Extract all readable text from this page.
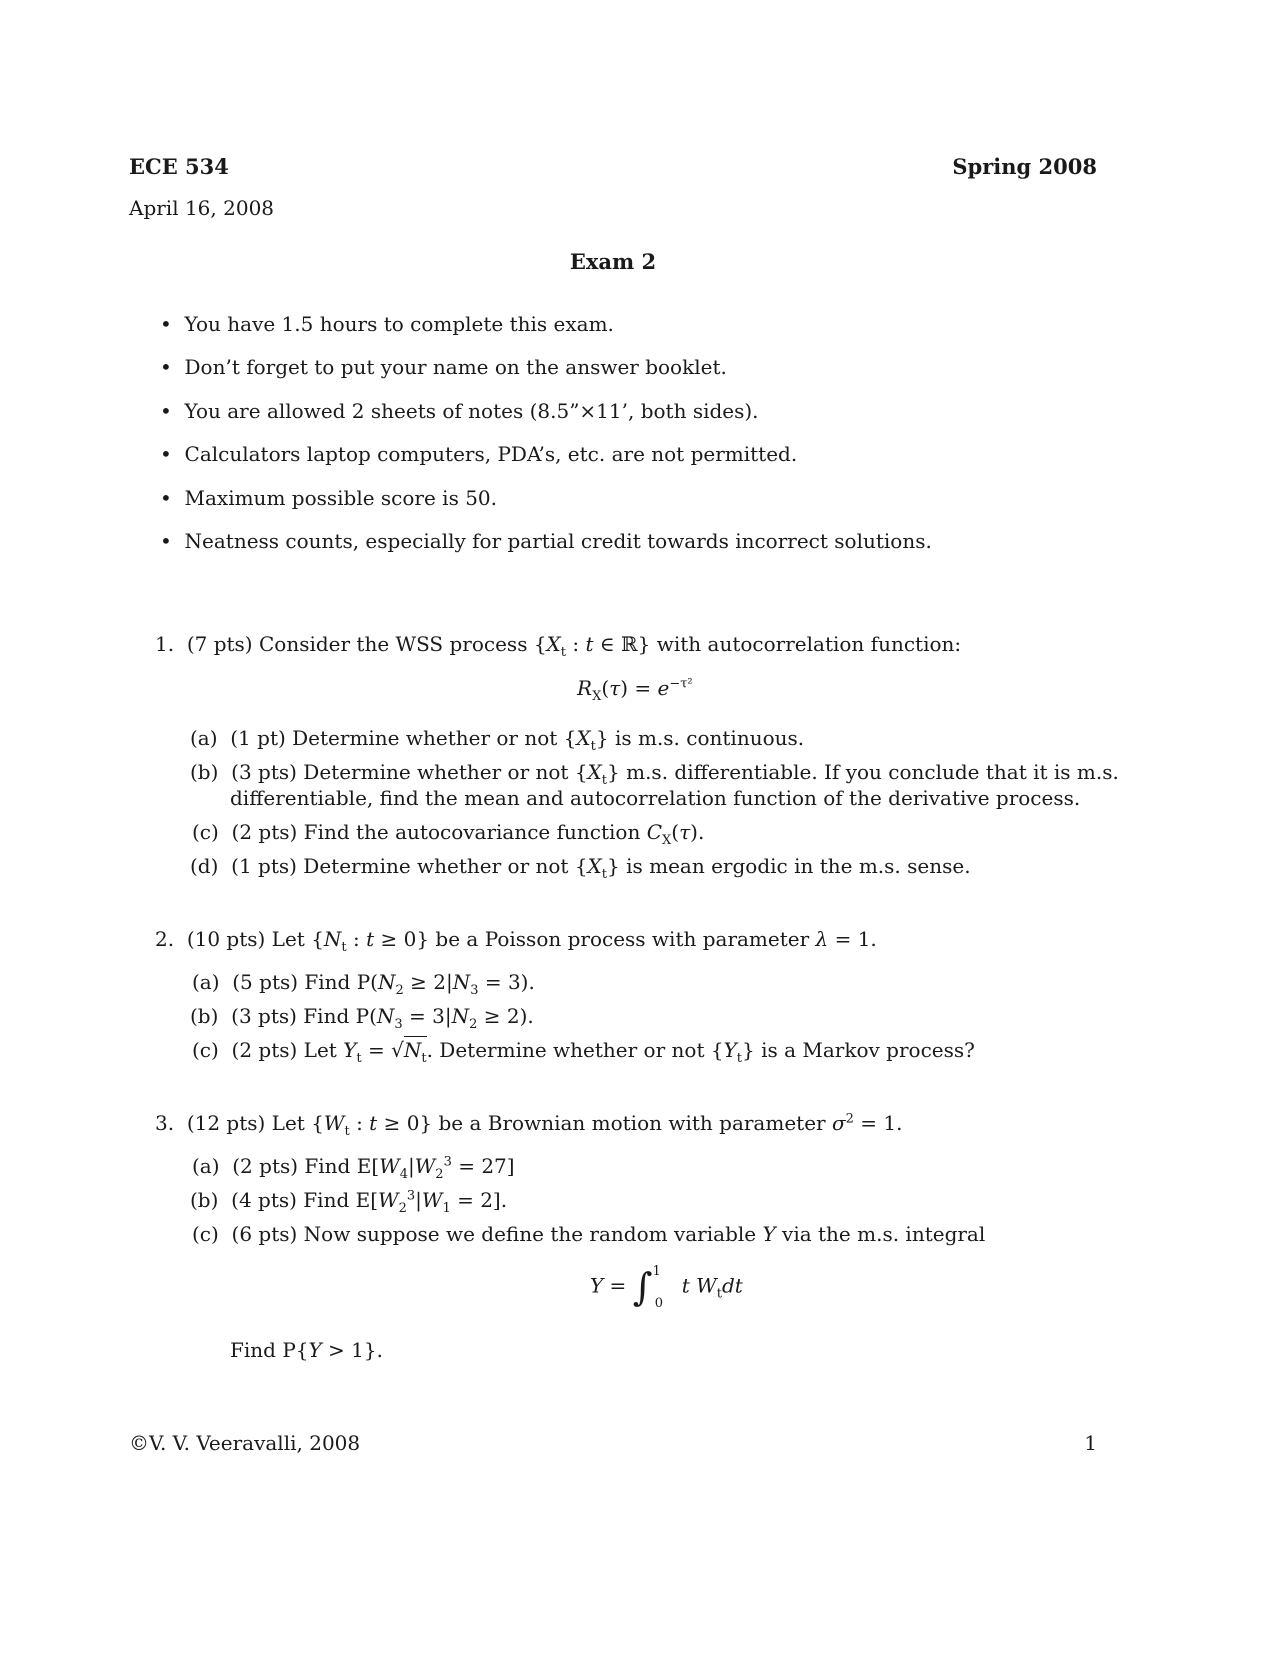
ECE 534	Spring 2008
April 16, 2008
Exam 2
•  You have 1.5 hours to complete this exam.
•  Don’t forget to put your name on the answer booklet.
•  You are allowed 2 sheets of notes (8.5”×11’, both sides).
•  Calculators laptop computers, PDA’s, etc. are not permitted.
•  Maximum possible score is 50.
•  Neatness counts, especially for partial credit towards incorrect solutions.
1. (7 pts) Consider the WSS process {$X_t$ : t ∈ ℝ} with autocorrelation function:
$R_X(\tau) = e^{-\tau^2}$
(a) (1 pt) Determine whether or not $\{X_t\}$ is m.s. continuous.
(b) (3 pts) Determine whether or not $\{X_t\}$ m.s. differentiable. If you conclude that it is m.s.
differentiable, find the mean and autocorrelation function of the derivative process.
(c) (2 pts) Find the autocovariance function $C_X(\tau)$.
(d) (1 pts) Determine whether or not $\{X_t\}$ is mean ergodic in the m.s. sense.
2. (10 pts) Let {$N_t$ : t ≥ 0} be a Poisson process with parameter λ = 1.
(a) (5 pts) Find $P(N_2 \ge 2|N_3 = 3)$.
(b) (3 pts) Find $P(N_3 = 3|N_2 \ge 2)$.
(c) (2 pts) Let $Y_t = √N_t$. Determine whether or not $\{Y_t\}$ is a Markov process?
3. (12 pts) Let {$W_t$ : t ≥ 0} be a Brownian motion with parameter $\sigma^2 = 1$.
(a) (2 pts) Find $E[W_4|W_2^3 = 27]$
(b) (4 pts) Find $E[W_2^3|W_1 = 2]$.
(c) (6 pts) Now suppose we define the random variable Y via the m.s. integral
Y = ∫$^1_0$  t $W_tdt$
Find P{Y > 1}.
©V. V. Veeravalli, 2008	1
